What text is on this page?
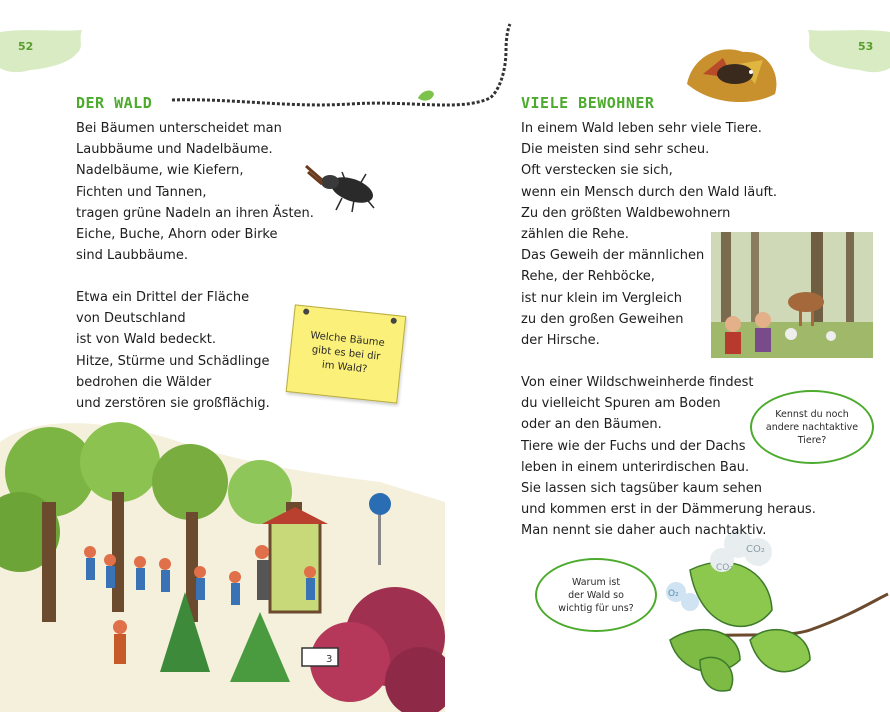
52
DER WALD
Bei Bäumen unterscheidet man
Laubbäume und Nadelbäume.
Nadelbäume, wie Kiefern,
Fichten und Tannen,
tragen grüne Nadeln an ihren Ästen.
Eiche, Buche, Ahorn oder Birke
sind Laubbäume.
Etwa ein Drittel der Fläche
von Deutschland
ist von Wald bedeckt.
Hitze, Stürme und Schädlinge
bedrohen die Wälder
und zerstören sie großflächig.
Welche Bäume
gibt es bei dir
im Wald?
3
53
VIELE BEWOHNER
In einem Wald leben sehr viele Tiere.
Die meisten sind sehr scheu.
Oft verstecken sie sich,
wenn ein Mensch durch den Wald läuft.
Zu den größten Waldbewohnern
zählen die Rehe.
Das Geweih der männlichen
Rehe, der Rehböcke,
ist nur klein im Vergleich
zu den großen Geweihen
der Hirsche.
Von einer Wildschweinherde findest
du vielleicht Spuren am Boden
oder an den Bäumen.
Tiere wie der Fuchs und der Dachs
leben in einem unterirdischen Bau.
Sie lassen sich tagsüber kaum sehen
und kommen erst in der Dämmerung heraus.
Man nennt sie daher auch nachtaktiv.
Kennst du noch
andere nachtaktive
Tiere?
Warum ist
der Wald so
wichtig für uns?
CO₂
CO₂
O₂
